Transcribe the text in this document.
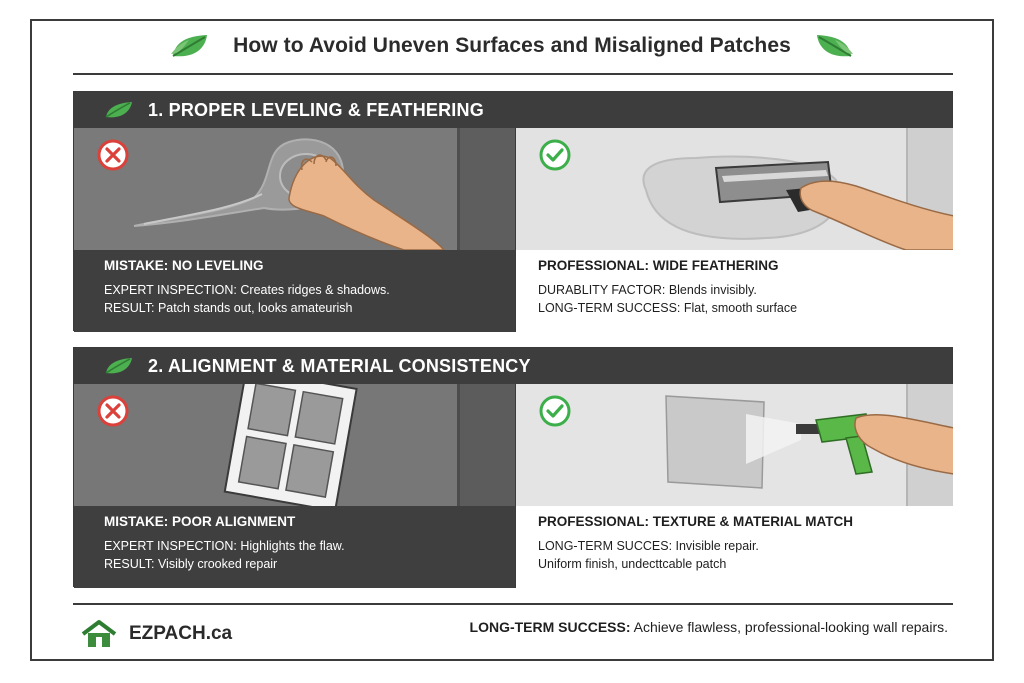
How to Avoid Uneven Surfaces and Misaligned Patches
1. PROPER LEVELING & FEATHERING
MISTAKE: NO LEVELING
EXPERT INSPECTION: Creates ridges & shadows.
RESULT: Patch stands out, looks amateurish
PROFESSIONAL: WIDE FEATHERING
DURABLITY FACTOR: Blends invisibly.
LONG-TERM SUCCESS: Flat, smooth surface
2. ALIGNMENT & MATERIAL CONSISTENCY
MISTAKE: POOR ALIGNMENT
EXPERT INSPECTION: Highlights the flaw.
RESULT: Visibly crooked repair
PROFESSIONAL: TEXTURE & MATERIAL MATCH
LONG-TERM SUCCES: Invisible repair.
Uniform finish, undecttcable patch
EZPACH.ca	LONG-TERM SUCCESS: Achieve flawless, professional-looking wall repairs.
